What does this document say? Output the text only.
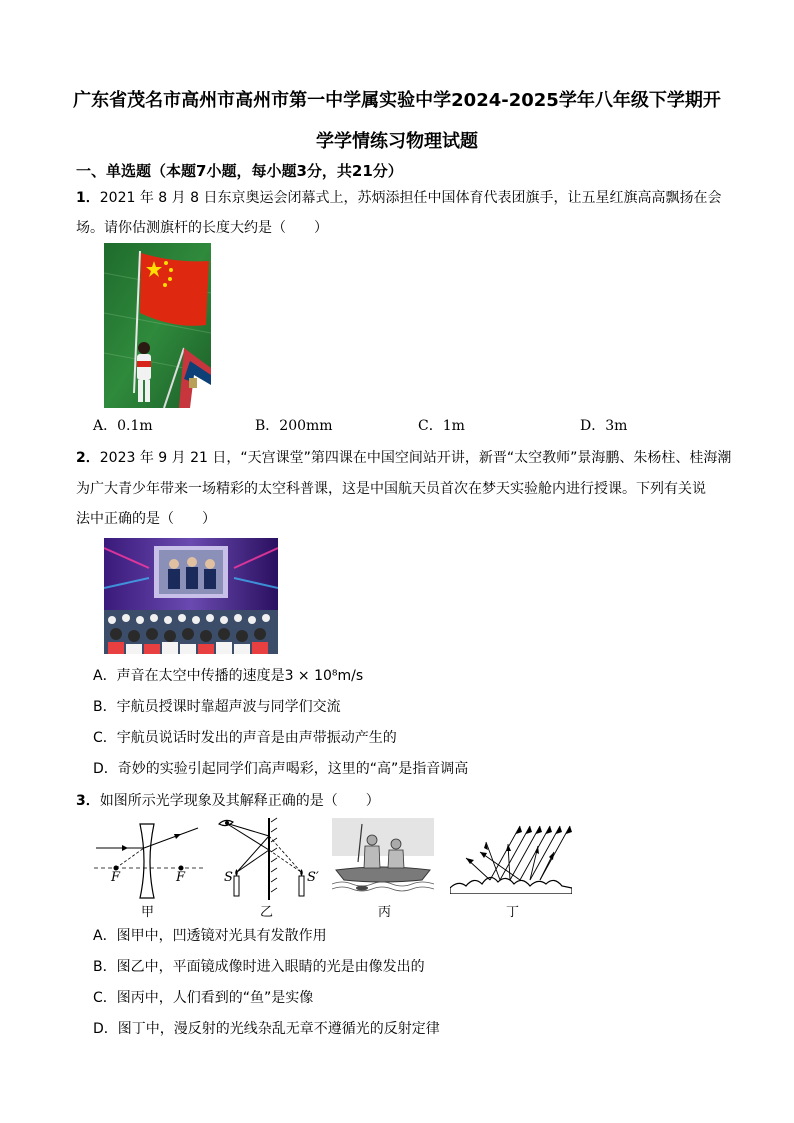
广东省茂名市高州市高州市第一中学属实验中学2024-2025学年八年级下学期开
学学情练习物理试题
一、单选题（本题7小题，每小题3分，共21分）
1．2021 年 8 月 8 日东京奥运会闭幕式上，苏炳添担任中国体育代表团旗手，让五星红旗高高飘扬在会
场。请你估测旗杆的长度大约是（　　）
A．0.1m	B．200mm	C．1m	D．3m
2．2023 年 9 月 21 日，“天宫课堂”第四课在中国空间站开讲，新晋“太空教师”景海鹏、朱杨柱、桂海潮
为广大青少年带来一场精彩的太空科普课，这是中国航天员首次在梦天实验舱内进行授课。下列有关说
法中正确的是（　　）
A．声音在太空中传播的速度是3 × 10⁸m/s
B．宇航员授课时靠超声波与同学们交流
C．宇航员说话时发出的声音是由声带振动产生的
D．奇妙的实验引起同学们高声喝彩，这里的“高”是指音调高
3．如图所示光学现象及其解释正确的是（　　）
F	F	S	S′
甲	乙	丙	丁
A．图甲中，凹透镜对光具有发散作用
B．图乙中，平面镜成像时进入眼睛的光是由像发出的
C．图丙中，人们看到的“鱼”是实像
D．图丁中，漫反射的光线杂乱无章不遵循光的反射定律
